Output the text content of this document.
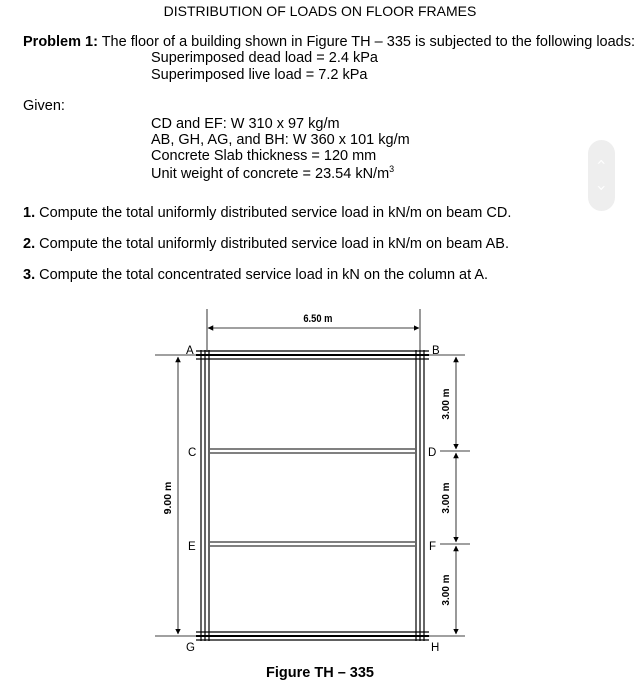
DISTRIBUTION OF LOADS ON FLOOR FRAMES
Problem 1: The floor of a building shown in Figure TH – 335 is subjected to the following loads:
Superimposed dead load = 2.4 kPa
Superimposed live load = 7.2 kPa
Given:
CD and EF: W 310 x 97 kg/m
AB, GH, AG, and BH: W 360 x 101 kg/m
Concrete Slab thickness = 120 mm
Unit weight of concrete = 23.54 $kN/m^3$
1. Compute the total uniformly distributed service load in kN/m on beam CD.
2. Compute the total uniformly distributed service load in kN/m on beam AB.
3. Compute the total concentrated service load in kN on the column at A.
‹
›
6.50 m
9.00 m
3.00 m
3.00 m
3.00 m
A	B
C	D
E	F
G	H
Figure TH – 335
